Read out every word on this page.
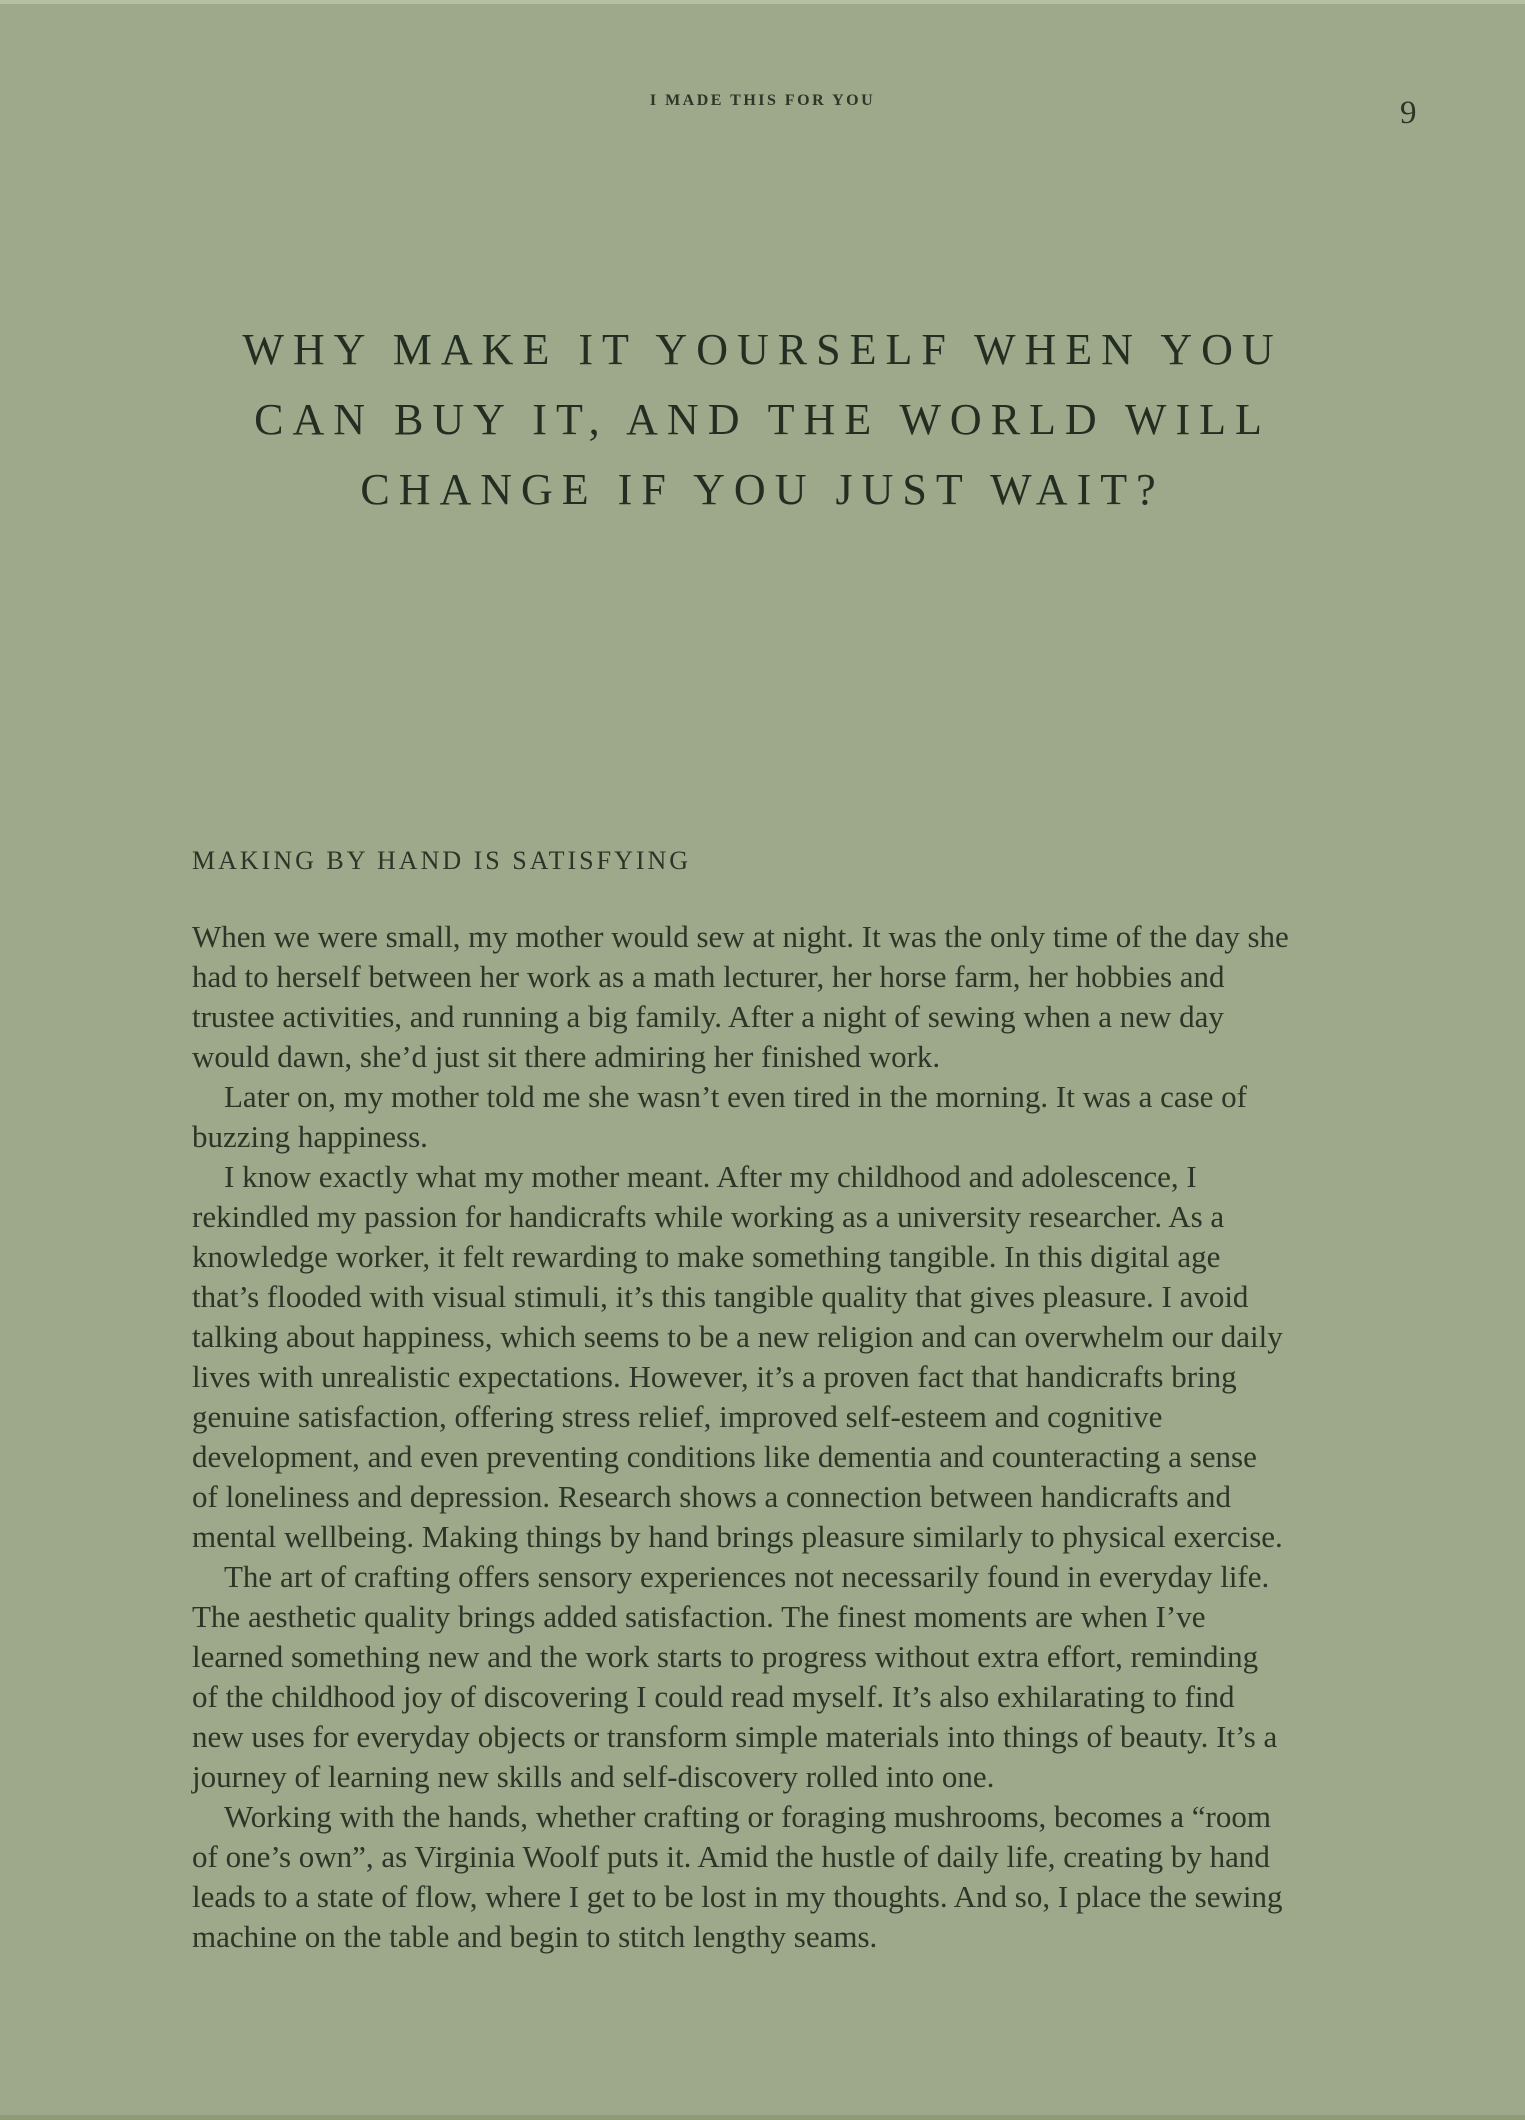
I MADE THIS FOR YOU	9
WHY MAKE IT YOURSELF WHEN YOU
CAN BUY IT, AND THE WORLD WILL
CHANGE IF YOU JUST WAIT?
MAKING BY HAND IS SATISFYING

When we were small, my mother would sew at night. It was the only time of the day she had to herself between her work as a math lecturer, her horse farm, her hobbies and trustee activities, and running a big family. After a night of sewing when a new day would dawn, she’d just sit there admiring her finished work.

Later on, my mother told me she wasn’t even tired in the morning. It was a case of buzzing happiness.

I know exactly what my mother meant. After my childhood and adolescence, I rekindled my passion for handicrafts while working as a university researcher. As a knowledge worker, it felt rewarding to make something tangible. In this digital age that’s flooded with visual stimuli, it’s this tangible quality that gives pleasure. I avoid talking about happiness, which seems to be a new religion and can overwhelm our daily lives with unrealistic expectations. However, it’s a proven fact that handicrafts bring genuine satisfaction, offering stress relief, improved self-esteem and cognitive development, and even preventing conditions like dementia and counteracting a sense of loneliness and depression. Research shows a connection between handicrafts and mental wellbeing. Making things by hand brings pleasure similarly to physical exercise.

The art of crafting offers sensory experiences not necessarily found in everyday life. The aesthetic quality brings added satisfaction. The finest moments are when I’ve learned something new and the work starts to progress without extra effort, reminding of the childhood joy of discovering I could read myself. It’s also exhilarating to find new uses for everyday objects or transform simple materials into things of beauty. It’s a journey of learning new skills and self-discovery rolled into one.

Working with the hands, whether crafting or foraging mushrooms, becomes a “room of one’s own”, as Virginia Woolf puts it. Amid the hustle of daily life, creating by hand leads to a state of flow, where I get to be lost in my thoughts. And so, I place the sewing machine on the table and begin to stitch lengthy seams.
